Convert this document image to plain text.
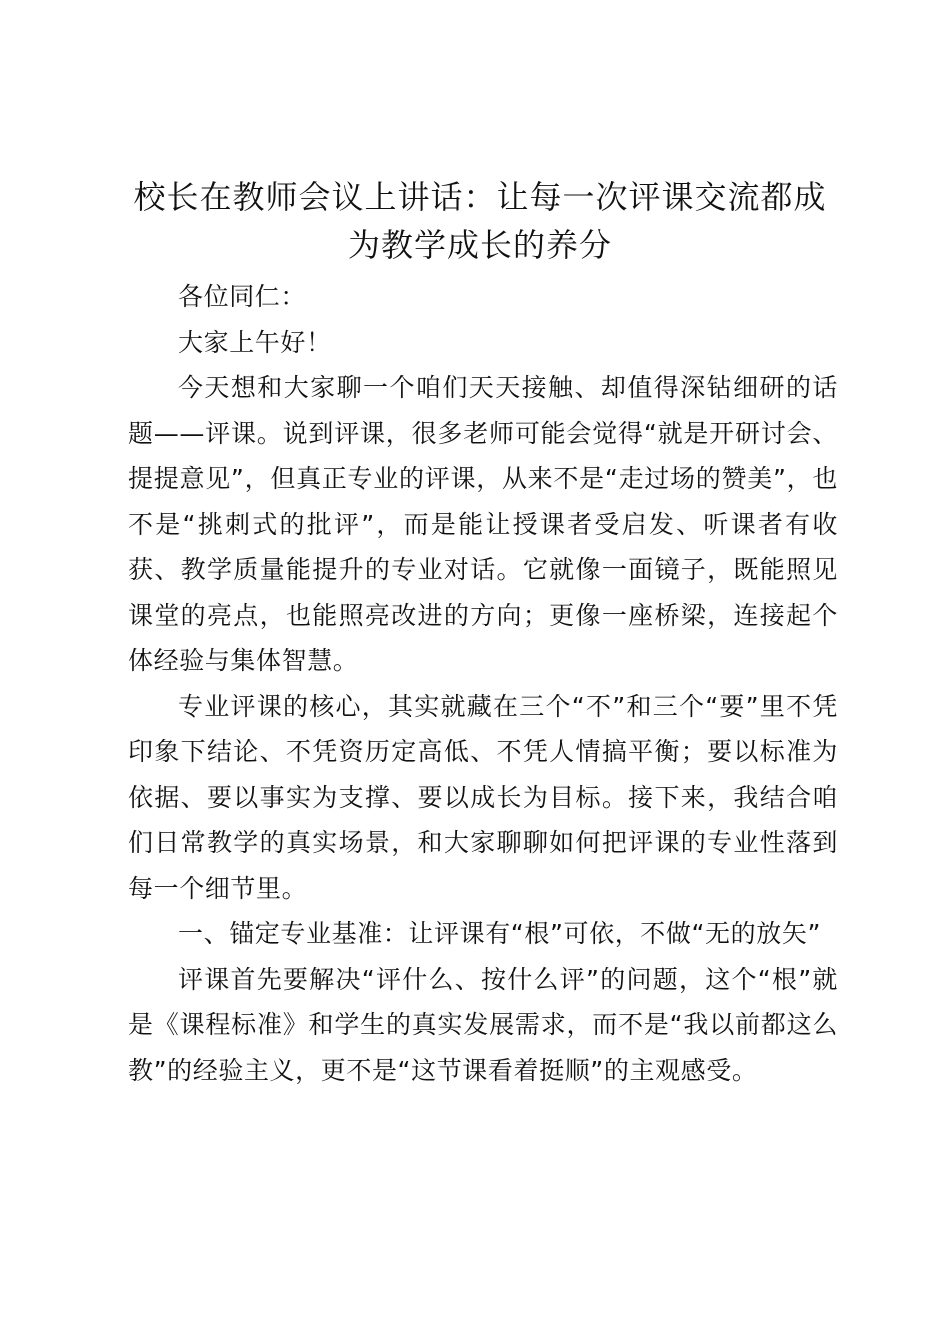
校长在教师会议上讲话：让每一次评课交流都成为教学成长的养分

各位同仁：

大家上午好！

今天想和大家聊一个咱们天天接触、却值得深钻细研的话题——评课。说到评课，很多老师可能会觉得“就是开研讨会、提提意见”，但真正专业的评课，从来不是“走过场的赞美”，也不是“挑刺式的批评”，而是能让授课者受启发、听课者有收获、教学质量能提升的专业对话。它就像一面镜子，既能照见课堂的亮点，也能照亮改进的方向；更像一座桥梁，连接起个体经验与集体智慧。

专业评课的核心，其实就藏在三个“不”和三个“要”里不凭印象下结论、不凭资历定高低、不凭人情搞平衡；要以标准为依据、要以事实为支撑、要以成长为目标。接下来，我结合咱们日常教学的真实场景，和大家聊聊如何把评课的专业性落到每一个细节里。

一、锚定专业基准：让评课有“根”可依，不做“无的放矢”

评课首先要解决“评什么、按什么评”的问题，这个“根”就是《课程标准》和学生的真实发展需求，而不是“我以前都这么教”的经验主义，更不是“这节课看着挺顺”的主观感受。
